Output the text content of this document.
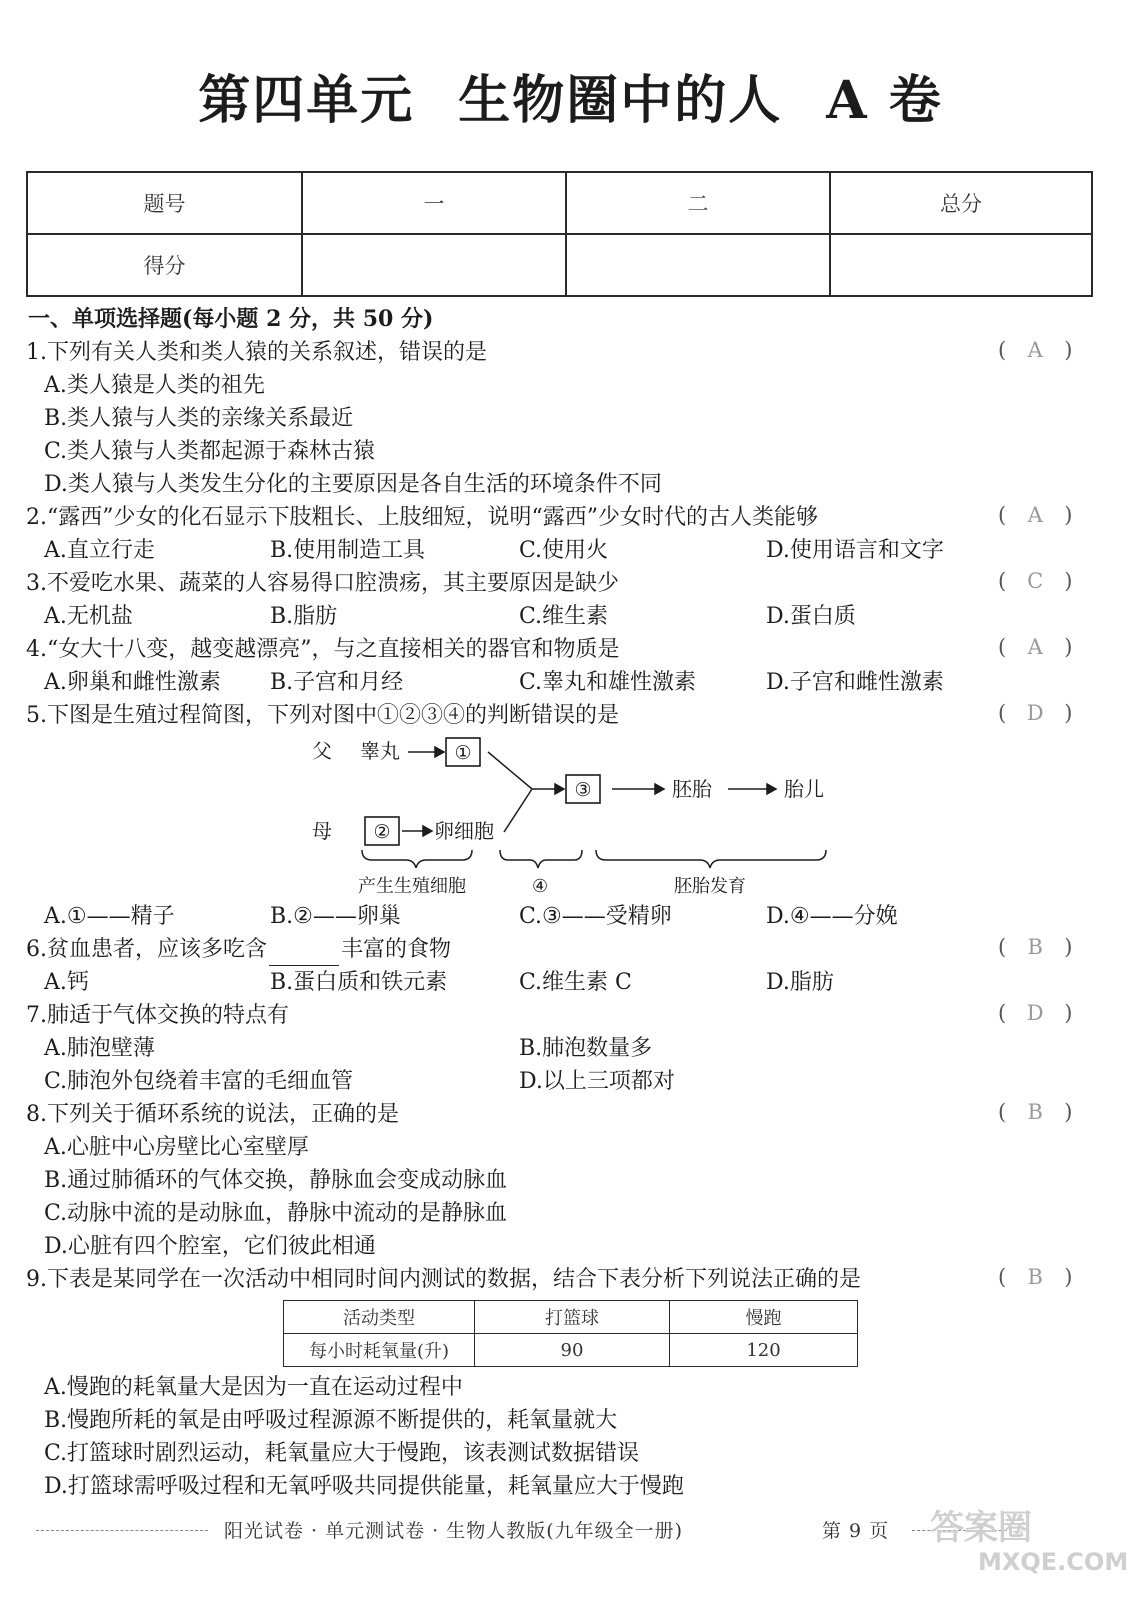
第四单元 生物圈中的人 A 卷
题号	一	二	总分
得分			
一、单项选择题(每小题 2 分，共 50 分)
1.下列有关人类和类人猿的关系叙述，错误的是	( A )
A.类人猿是人类的祖先
B.类人猿与人类的亲缘关系最近
C.类人猿与人类都起源于森林古猿
D.类人猿与人类发生分化的主要原因是各自生活的环境条件不同
2.“露西”少女的化石显示下肢粗长、上肢细短，说明“露西”少女时代的古人类能够	( A )
A.直立行走	B.使用制造工具	C.使用火	D.使用语言和文字
3.不爱吃水果、蔬菜的人容易得口腔溃疡，其主要原因是缺少	( C )
A.无机盐	B.脂肪	C.维生素	D.蛋白质
4.“女大十八变，越变越漂亮”，与之直接相关的器官和物质是	( A )
A.卵巢和雌性激素 B.子宫和月经	C.睾丸和雄性激素	D.子宫和雌性激素
5.下图是生殖过程简图，下列对图中①②③④的判断错误的是	( D )
父 睾丸
母	卵细胞
胚胎	胎儿
①
②
③
产生生殖细胞	④	胚胎发育
A.①——精子	B.②——卵巢	C.③——受精卵	D.④——分娩
6.贫血患者，应该多吃含	丰富的食物	( B )
A.钙	B.蛋白质和铁元素	C.维生素 C	D.脂肪
7.肺适于气体交换的特点有	( D )
A.肺泡壁薄	B.肺泡数量多
C.肺泡外包绕着丰富的毛细血管	D.以上三项都对
8.下列关于循环系统的说法，正确的是	( B )
A.心脏中心房壁比心室壁厚
B.通过肺循环的气体交换，静脉血会变成动脉血
C.动脉中流的是动脉血，静脉中流动的是静脉血
D.心脏有四个腔室，它们彼此相通
9.下表是某同学在一次活动中相同时间内测试的数据，结合下表分析下列说法正确的是	( B )
活动类型	打篮球	慢跑
每小时耗氧量(升)	90	120
A.慢跑的耗氧量大是因为一直在运动过程中
B.慢跑所耗的氧是由呼吸过程源源不断提供的，耗氧量就大
C.打篮球时剧烈运动，耗氧量应大于慢跑，该表测试数据错误
D.打篮球需呼吸过程和无氧呼吸共同提供能量，耗氧量应大于慢跑
阳光试卷 · 单元测试卷 · 生物人教版(九年级全一册)	第 9 页 答案圈
MXQE.COM
